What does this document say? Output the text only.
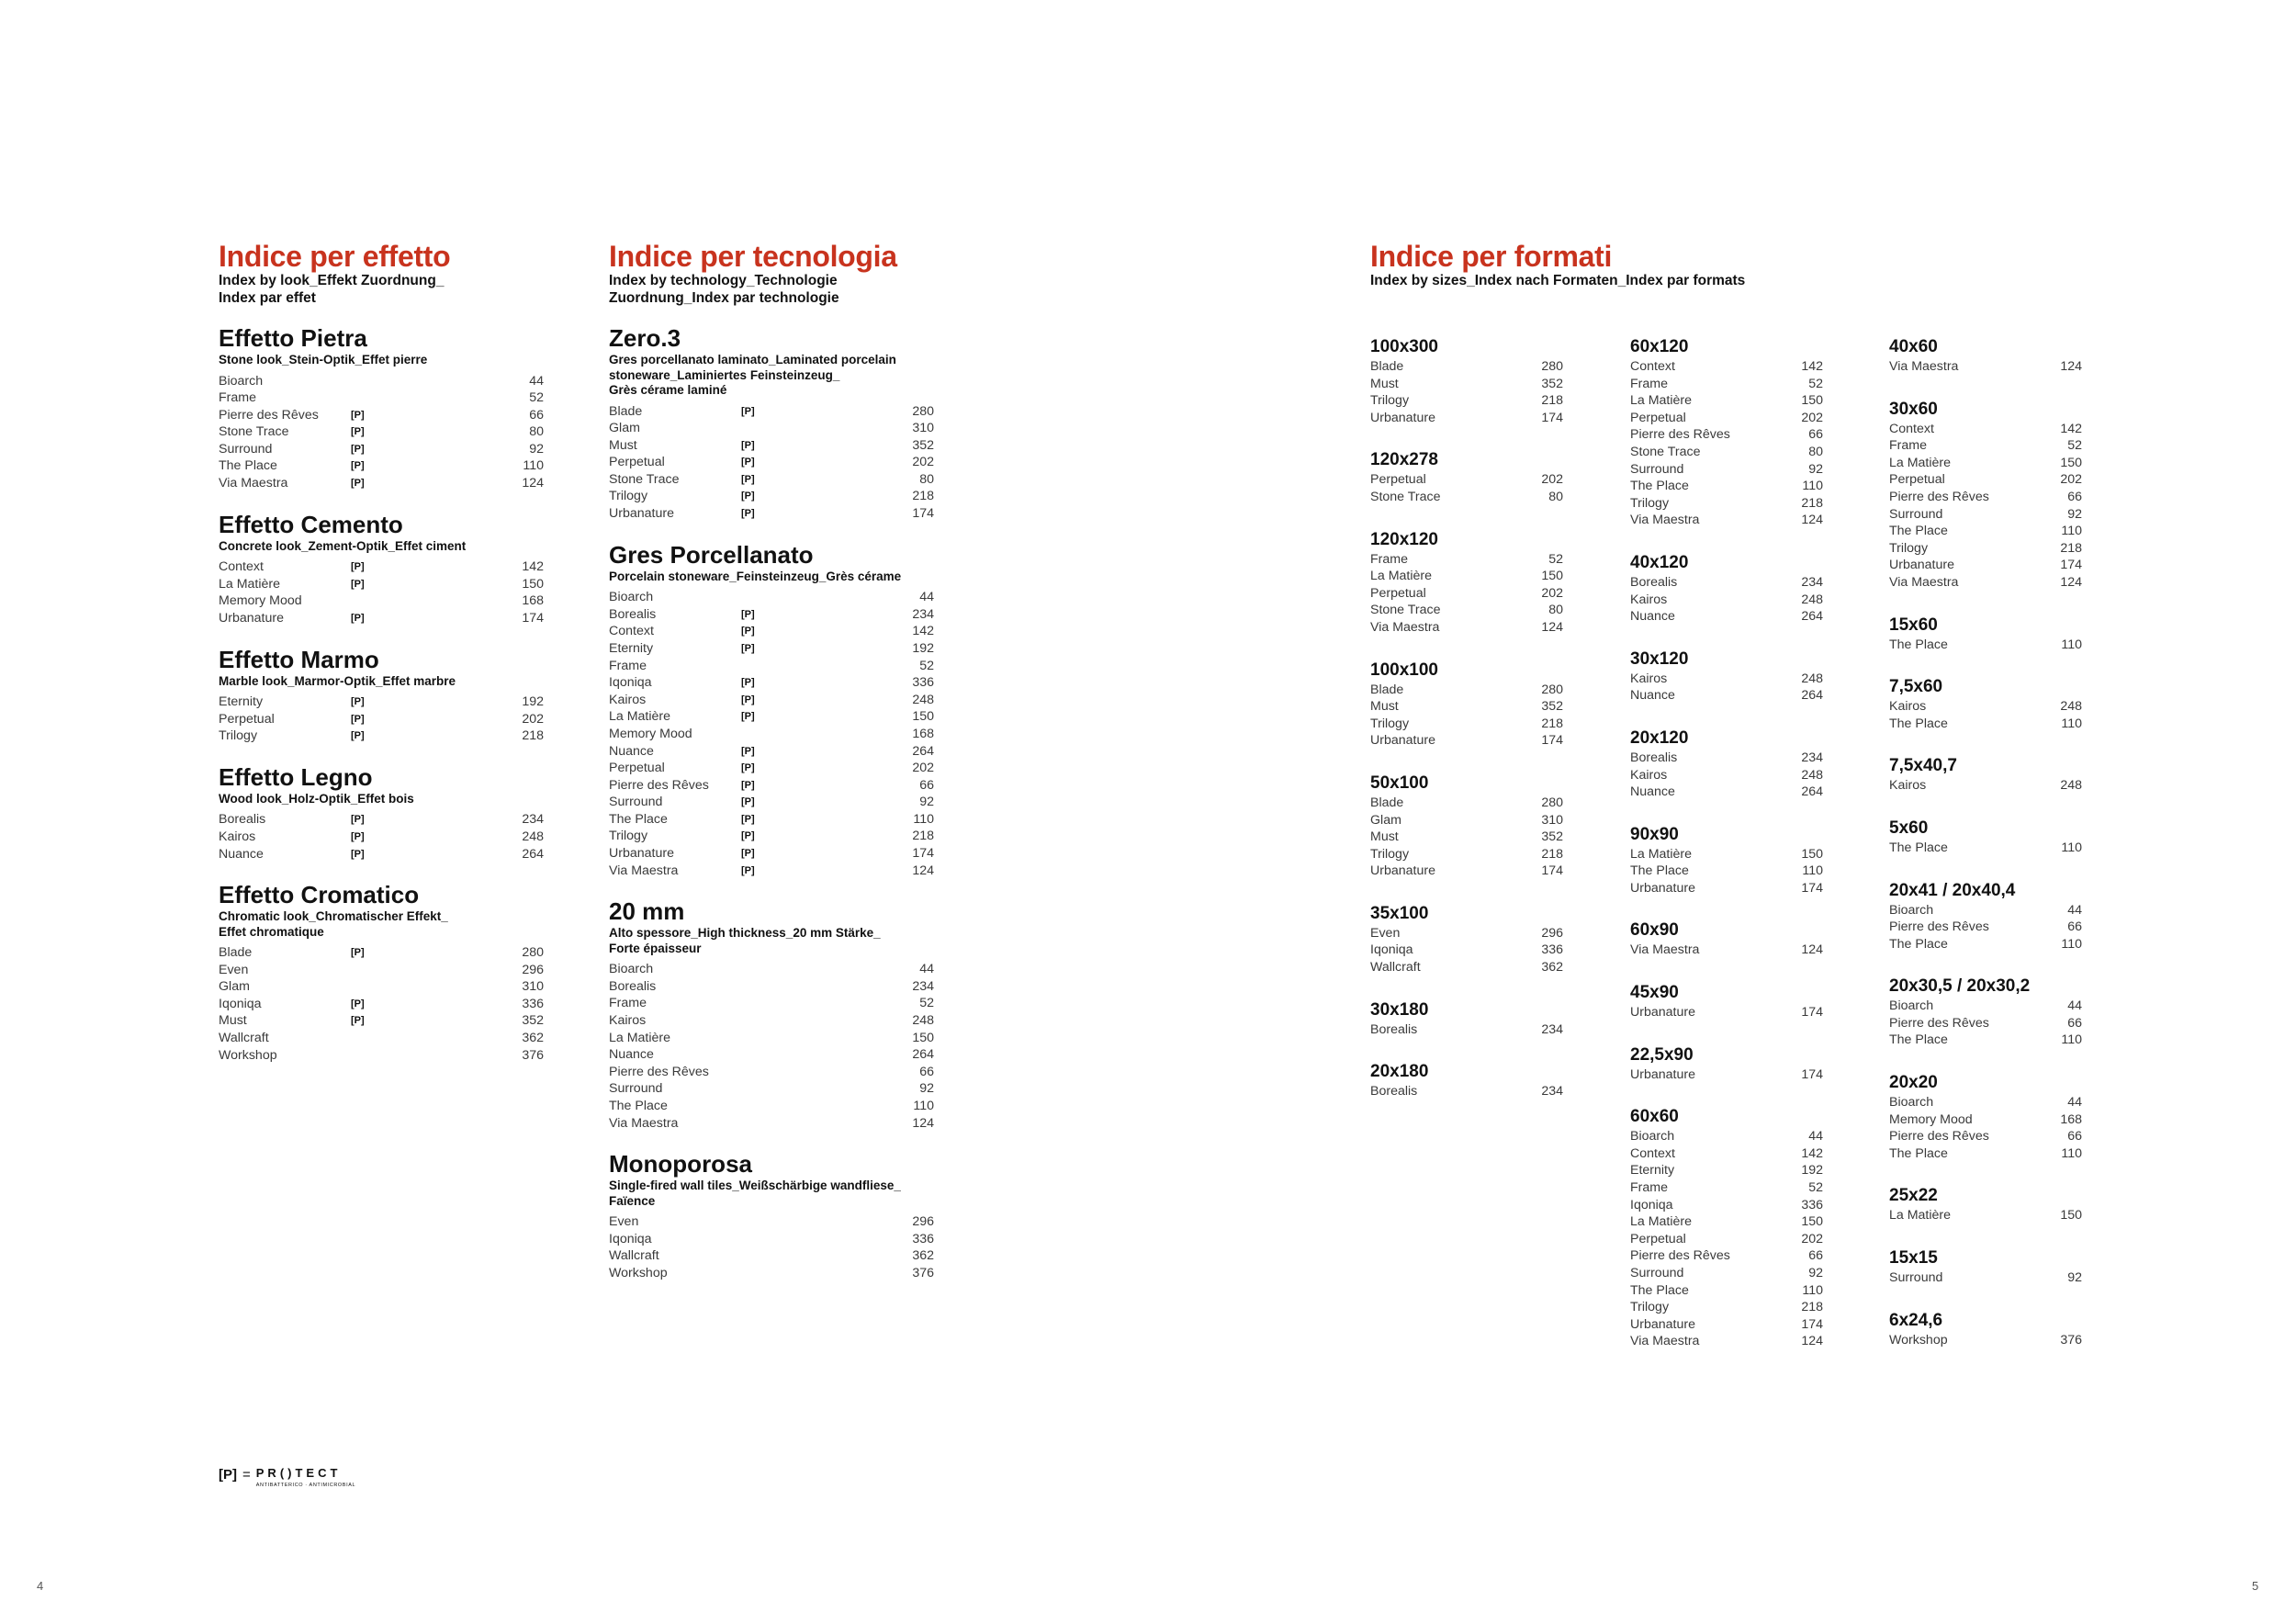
Indice per effetto
Index by look_Effekt Zuordnung_
Index par effet
Effetto Pietra
Stone look_Stein-Optik_Effet pierre
Bioarch	44
Frame	52
Pierre des Rêves	[P]	66
Stone Trace	[P]	80
Surround	[P]	92
The Place	[P]	110
Via Maestra	[P]	124
Effetto Cemento
Concrete look_Zement-Optik_Effet ciment
Context	[P]	142
La Matière	[P]	150
Memory Mood	168
Urbanature	[P]	174
Effetto Marmo
Marble look_Marmor-Optik_Effet marbre
Eternity	[P]	192
Perpetual	[P]	202
Trilogy	[P]	218
Effetto Legno
Wood look_Holz-Optik_Effet bois
Borealis	[P]	234
Kairos	[P]	248
Nuance	[P]	264
Effetto Cromatico
Chromatic look_Chromatischer Effekt_
Effet chromatique
Blade	[P]	280
Even	296
Glam	310
Iqoniqa	[P]	336
Must	[P]	352
Wallcraft	362
Workshop	376
Indice per tecnologia
Index by technology_Technologie
Zuordnung_Index par technologie
Zero.3
Gres porcellanato laminato_Laminated porcelain
stoneware_Laminiertes Feinsteinzeug_
Grès cérame laminé
Blade	[P]	280
Glam	310
Must	[P]	352
Perpetual	[P]	202
Stone Trace	[P]	80
Trilogy	[P]	218
Urbanature	[P]	174
Gres Porcellanato
Porcelain stoneware_Feinsteinzeug_Grès cérame
Bioarch	44
Borealis	[P]	234
Context	[P]	142
Eternity	[P]	192
Frame	52
Iqoniqa	[P]	336
Kairos	[P]	248
La Matière	[P]	150
Memory Mood	168
Nuance	[P]	264
Perpetual	[P]	202
Pierre des Rêves	[P]	66
Surround	[P]	92
The Place	[P]	110
Trilogy	[P]	218
Urbanature	[P]	174
Via Maestra	[P]	124
20 mm
Alto spessore_High thickness_20 mm Stärke_
Forte épaisseur
Bioarch	44
Borealis	234
Frame	52
Kairos	248
La Matière	150
Nuance	264
Pierre des Rêves	66
Surround	92
The Place	110
Via Maestra	124
Monoporosa
Single-fired wall tiles_Weißschärbige wandfliese_
Faïence
Even	296
Iqoniqa	336
Wallcraft	362
Workshop	376
Indice per formati
Index by sizes_Index nach Formaten_Index par formats
100x300
Blade	280
Must	352
Trilogy	218
Urbanature	174
120x278
Perpetual	202
Stone Trace	80
120x120
Frame	52
La Matière	150
Perpetual	202
Stone Trace	80
Via Maestra	124
100x100
Blade	280
Must	352
Trilogy	218
Urbanature	174
50x100
Blade	280
Glam	310
Must	352
Trilogy	218
Urbanature	174
35x100
Even	296
Iqoniqa	336
Wallcraft	362
30x180
Borealis	234
20x180
Borealis	234
60x120
Context	142
Frame	52
La Matière	150
Perpetual	202
Pierre des Rêves	66
Stone Trace	80
Surround	92
The Place	110
Trilogy	218
Via Maestra	124
40x120
Borealis	234
Kairos	248
Nuance	264
30x120
Kairos	248
Nuance	264
20x120
Borealis	234
Kairos	248
Nuance	264
90x90
La Matière	150
The Place	110
Urbanature	174
60x90
Via Maestra	124
45x90
Urbanature	174
22,5x90
Urbanature	174
60x60
Bioarch	44
Context	142
Eternity	192
Frame	52
Iqoniqa	336
La Matière	150
Perpetual	202
Pierre des Rêves	66
Surround	92
The Place	110
Trilogy	218
Urbanature	174
Via Maestra	124
40x60
Via Maestra	124
30x60
Context	142
Frame	52
La Matière	150
Perpetual	202
Pierre des Rêves	66
Surround	92
The Place	110
Trilogy	218
Urbanature	174
Via Maestra	124
15x60
The Place	110
7,5x60
Kairos	248
The Place	110
7,5x40,7
Kairos	248
5x60
The Place	110
20x41 / 20x40,4
Bioarch	44
Pierre des Rêves	66
The Place	110
20x30,5 / 20x30,2
Bioarch	44
Pierre des Rêves	66
The Place	110
20x20
Bioarch	44
Memory Mood	168
Pierre des Rêves	66
The Place	110
25x22
La Matière	150
15x15
Surround	92
6x24,6
Workshop	376
[P] = PR()TECT
ANTIBATTERICO · ANTIMICROBIAL
4	5
